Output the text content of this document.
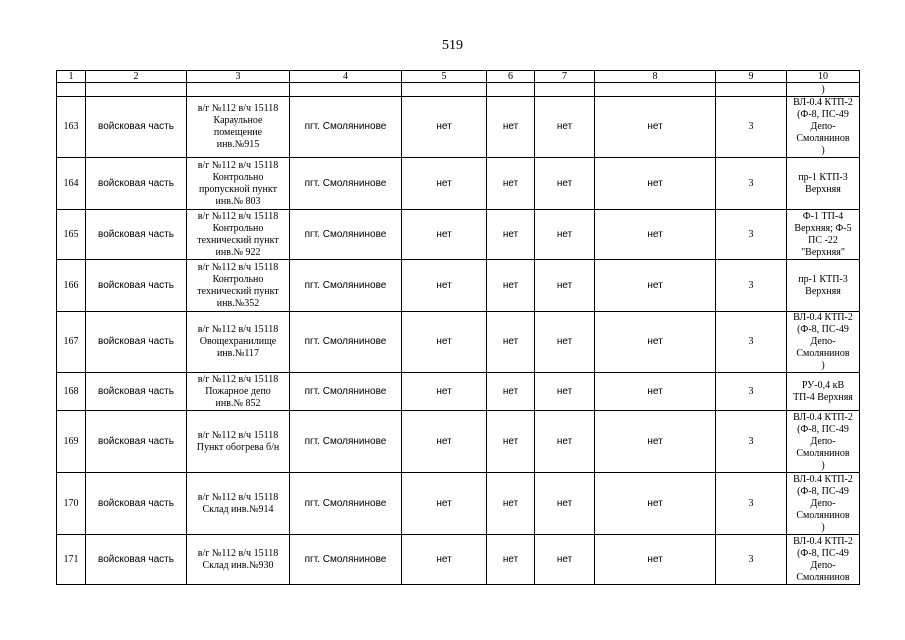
519
1	2	3	4	5	6	7	8	9	10
									)
163	войсковая часть	в/г №112 в/ч 15118
Караульное
помещение
инв.№915	пгт. Смолянинове	нет	нет	нет	нет	3	ВЛ-0.4 КТП-2
(Ф-8, ПС-49
Депо-
Смолянинов
)
164	войсковая часть	в/г №112 в/ч 15118
Контрольно
пропускной пункт
инв.№ 803	пгт. Смолянинове	нет	нет	нет	нет	3	пр-1 КТП-3
Верхняя
165	войсковая часть	в/г №112 в/ч 15118
Контрольно
технический пункт
инв.№ 922	пгт. Смолянинове	нет	нет	нет	нет	3	Ф-1 ТП-4
Верхняя; Ф-5
ПС -22
"Верхняя"
166	войсковая часть	в/г №112 в/ч 15118
Контрольно
технический пункт
инв.№352	пгт. Смолянинове	нет	нет	нет	нет	3	пр-1 КТП-3
Верхняя
167	войсковая часть	в/г №112 в/ч 15118
Овощехранилище
инв.№117	пгт. Смолянинове	нет	нет	нет	нет	3	ВЛ-0.4 КТП-2
(Ф-8, ПС-49
Депо-
Смолянинов
)
168	войсковая часть	в/г №112 в/ч 15118
Пожарное депо
инв.№ 852	пгт. Смолянинове	нет	нет	нет	нет	3	РУ-0,4 кВ
ТП-4 Верхняя
169	войсковая часть	в/г №112 в/ч 15118
Пункт обогрева б/н	пгт. Смолянинове	нет	нет	нет	нет	3	ВЛ-0.4 КТП-2
(Ф-8, ПС-49
Депо-
Смолянинов
)
170	войсковая часть	в/г №112 в/ч 15118
Склад инв.№914	пгт. Смолянинове	нет	нет	нет	нет	3	ВЛ-0.4 КТП-2
(Ф-8, ПС-49
Депо-
Смолянинов
)
171	войсковая часть	в/г №112 в/ч 15118
Склад инв.№930	пгт. Смолянинове	нет	нет	нет	нет	3	ВЛ-0.4 КТП-2
(Ф-8, ПС-49
Депо-
Смолянинов
